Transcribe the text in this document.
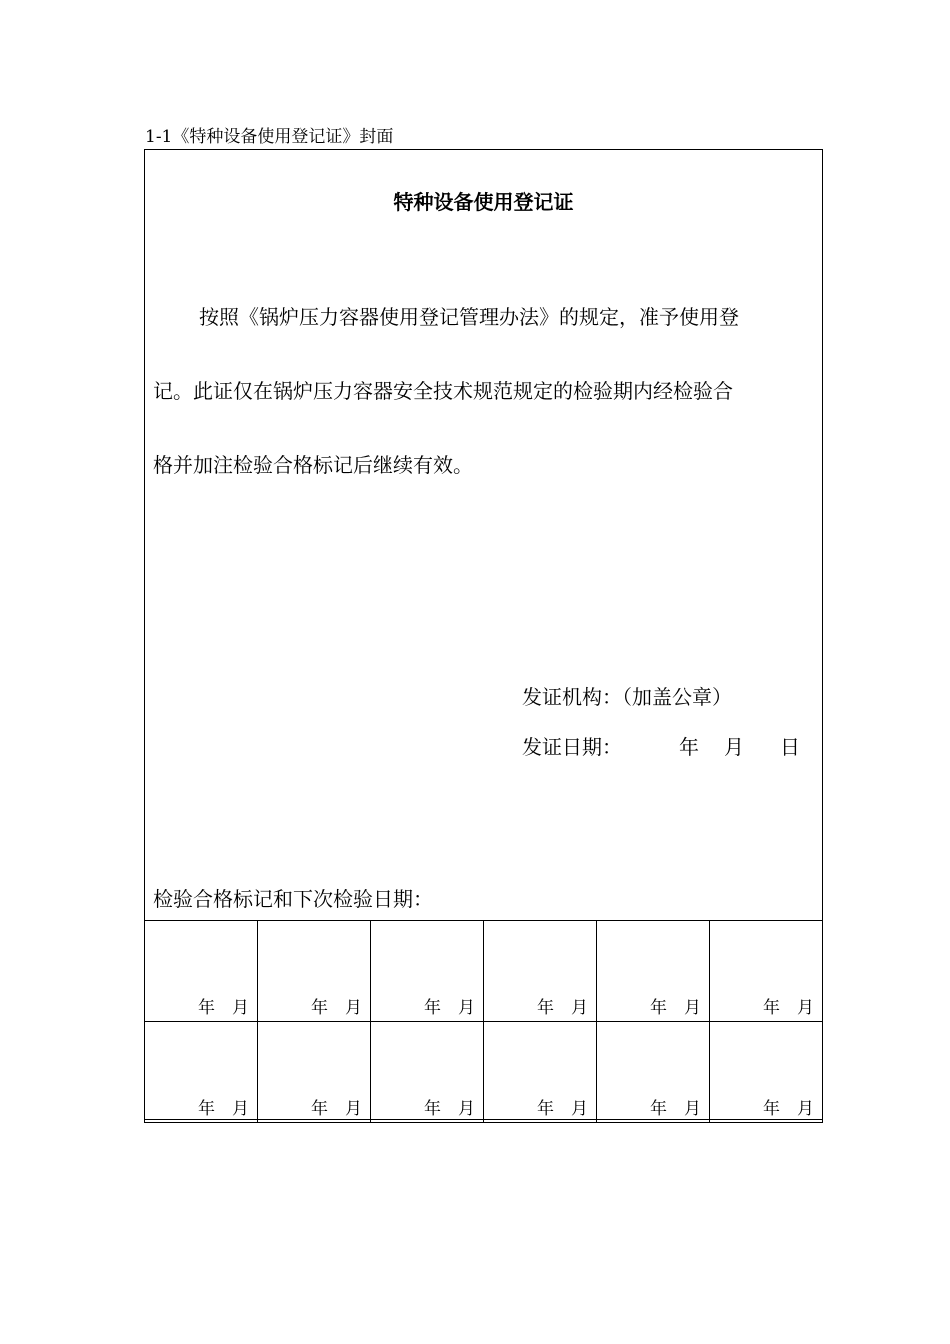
1-1《特种设备使用登记证》封面
特种设备使用登记证
按照《锅炉压力容器使用登记管理办法》的规定，准予使用登
记。此证仅在锅炉压力容器安全技术规范规定的检验期内经检验合
格并加注检验合格标记后继续有效。
发证机构：（加盖公章）
发证日期：	年 月 日
检验合格标记和下次检验日期：
年　月	年　月	年　月	年　月	年　月	年　月
年　月	年　月	年　月	年　月	年　月	年　月
